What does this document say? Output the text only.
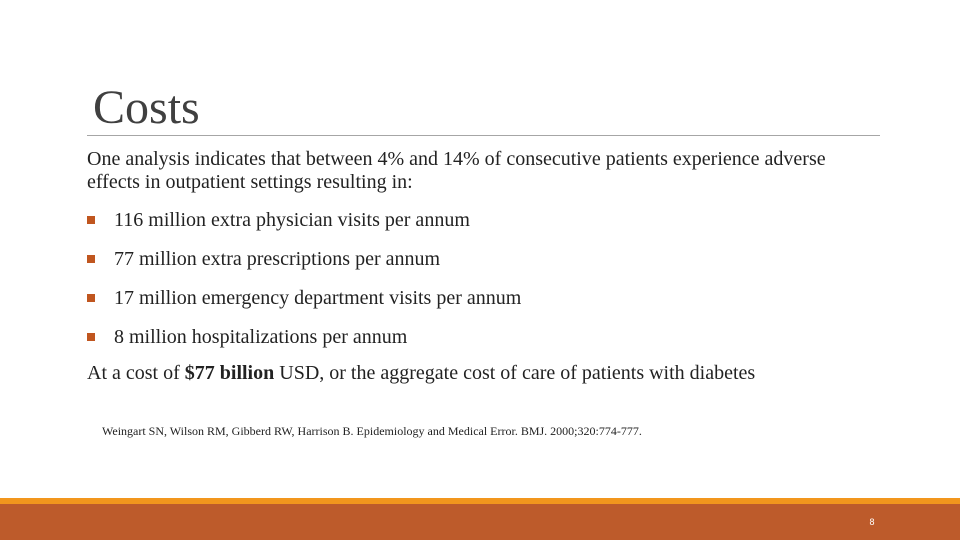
Costs

One analysis indicates that between 4% and 14% of consecutive patients experience adverse effects in outpatient settings resulting in:

116 million extra physician visits per annum
77 million extra prescriptions per annum
17 million emergency department visits per annum
8 million hospitalizations per annum

At a cost of $77 billion USD, or the aggregate cost of care of patients with diabetes

Weingart SN, Wilson RM, Gibberd RW, Harrison B. Epidemiology and Medical Error. BMJ. 2000;320:774-777.

8
